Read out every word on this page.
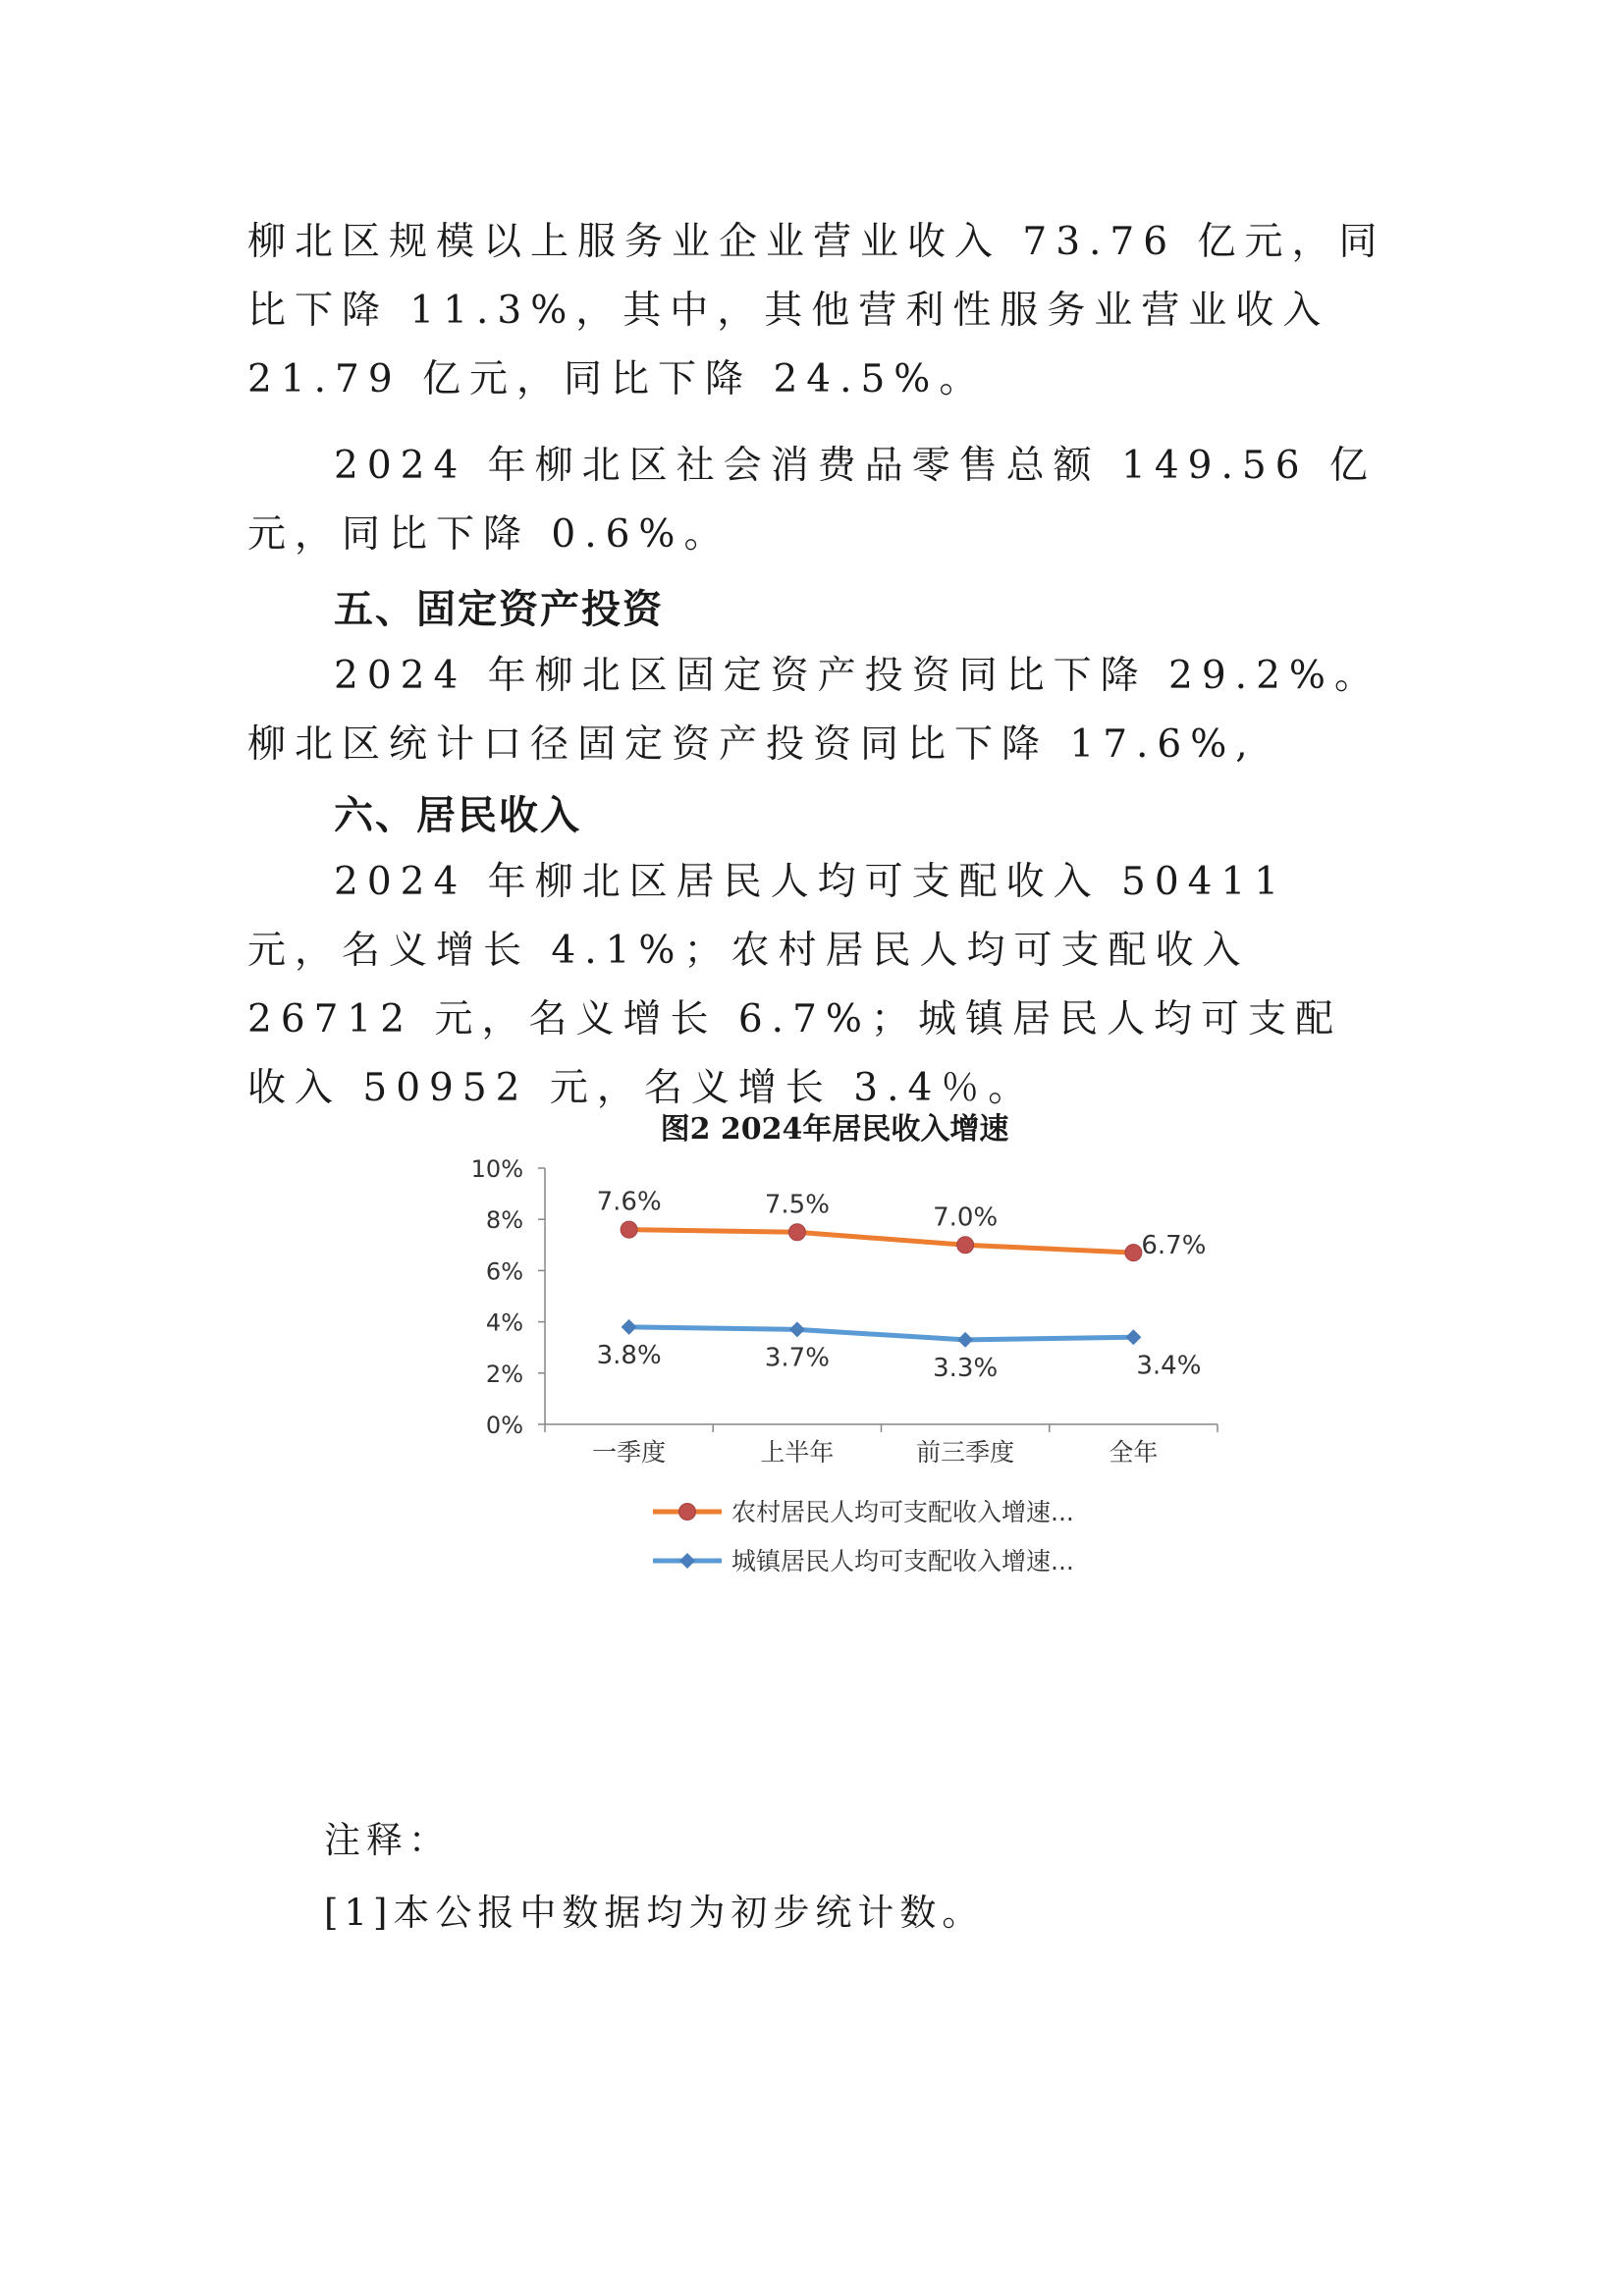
柳北区规模以上服务业企业营业收入 73.76 亿元，同比下降 11.3%，其中，其他营利性服务业营业收入 21.79 亿元，同比下降 24.5%。

2024 年柳北区社会消费品零售总额 149.56 亿元，同比下降 0.6%。

五、固定资产投资

2024 年柳北区固定资产投资同比下降 29.2%。柳北区统计口径固定资产投资同比下降 17.6%,

六、居民收入

2024 年柳北区居民人均可支配收入 50411 元，名义增长 4.1%；农村居民人均可支配收入 26712 元，名义增长 6.7%；城镇居民人均可支配收入 50952 元，名义增长 3.4％。

图2 2024年居民收入增速
0%
2%
4%
6%
8%
10%
一季度	上半年	前三季度	全年
7.6%	7.5%	7.0%
6.7%
3.8%	3.7%	3.3%	3.4%
农村居民人均可支配收入增速...
城镇居民人均可支配收入增速...

注释：

[1]本公报中数据均为初步统计数。
